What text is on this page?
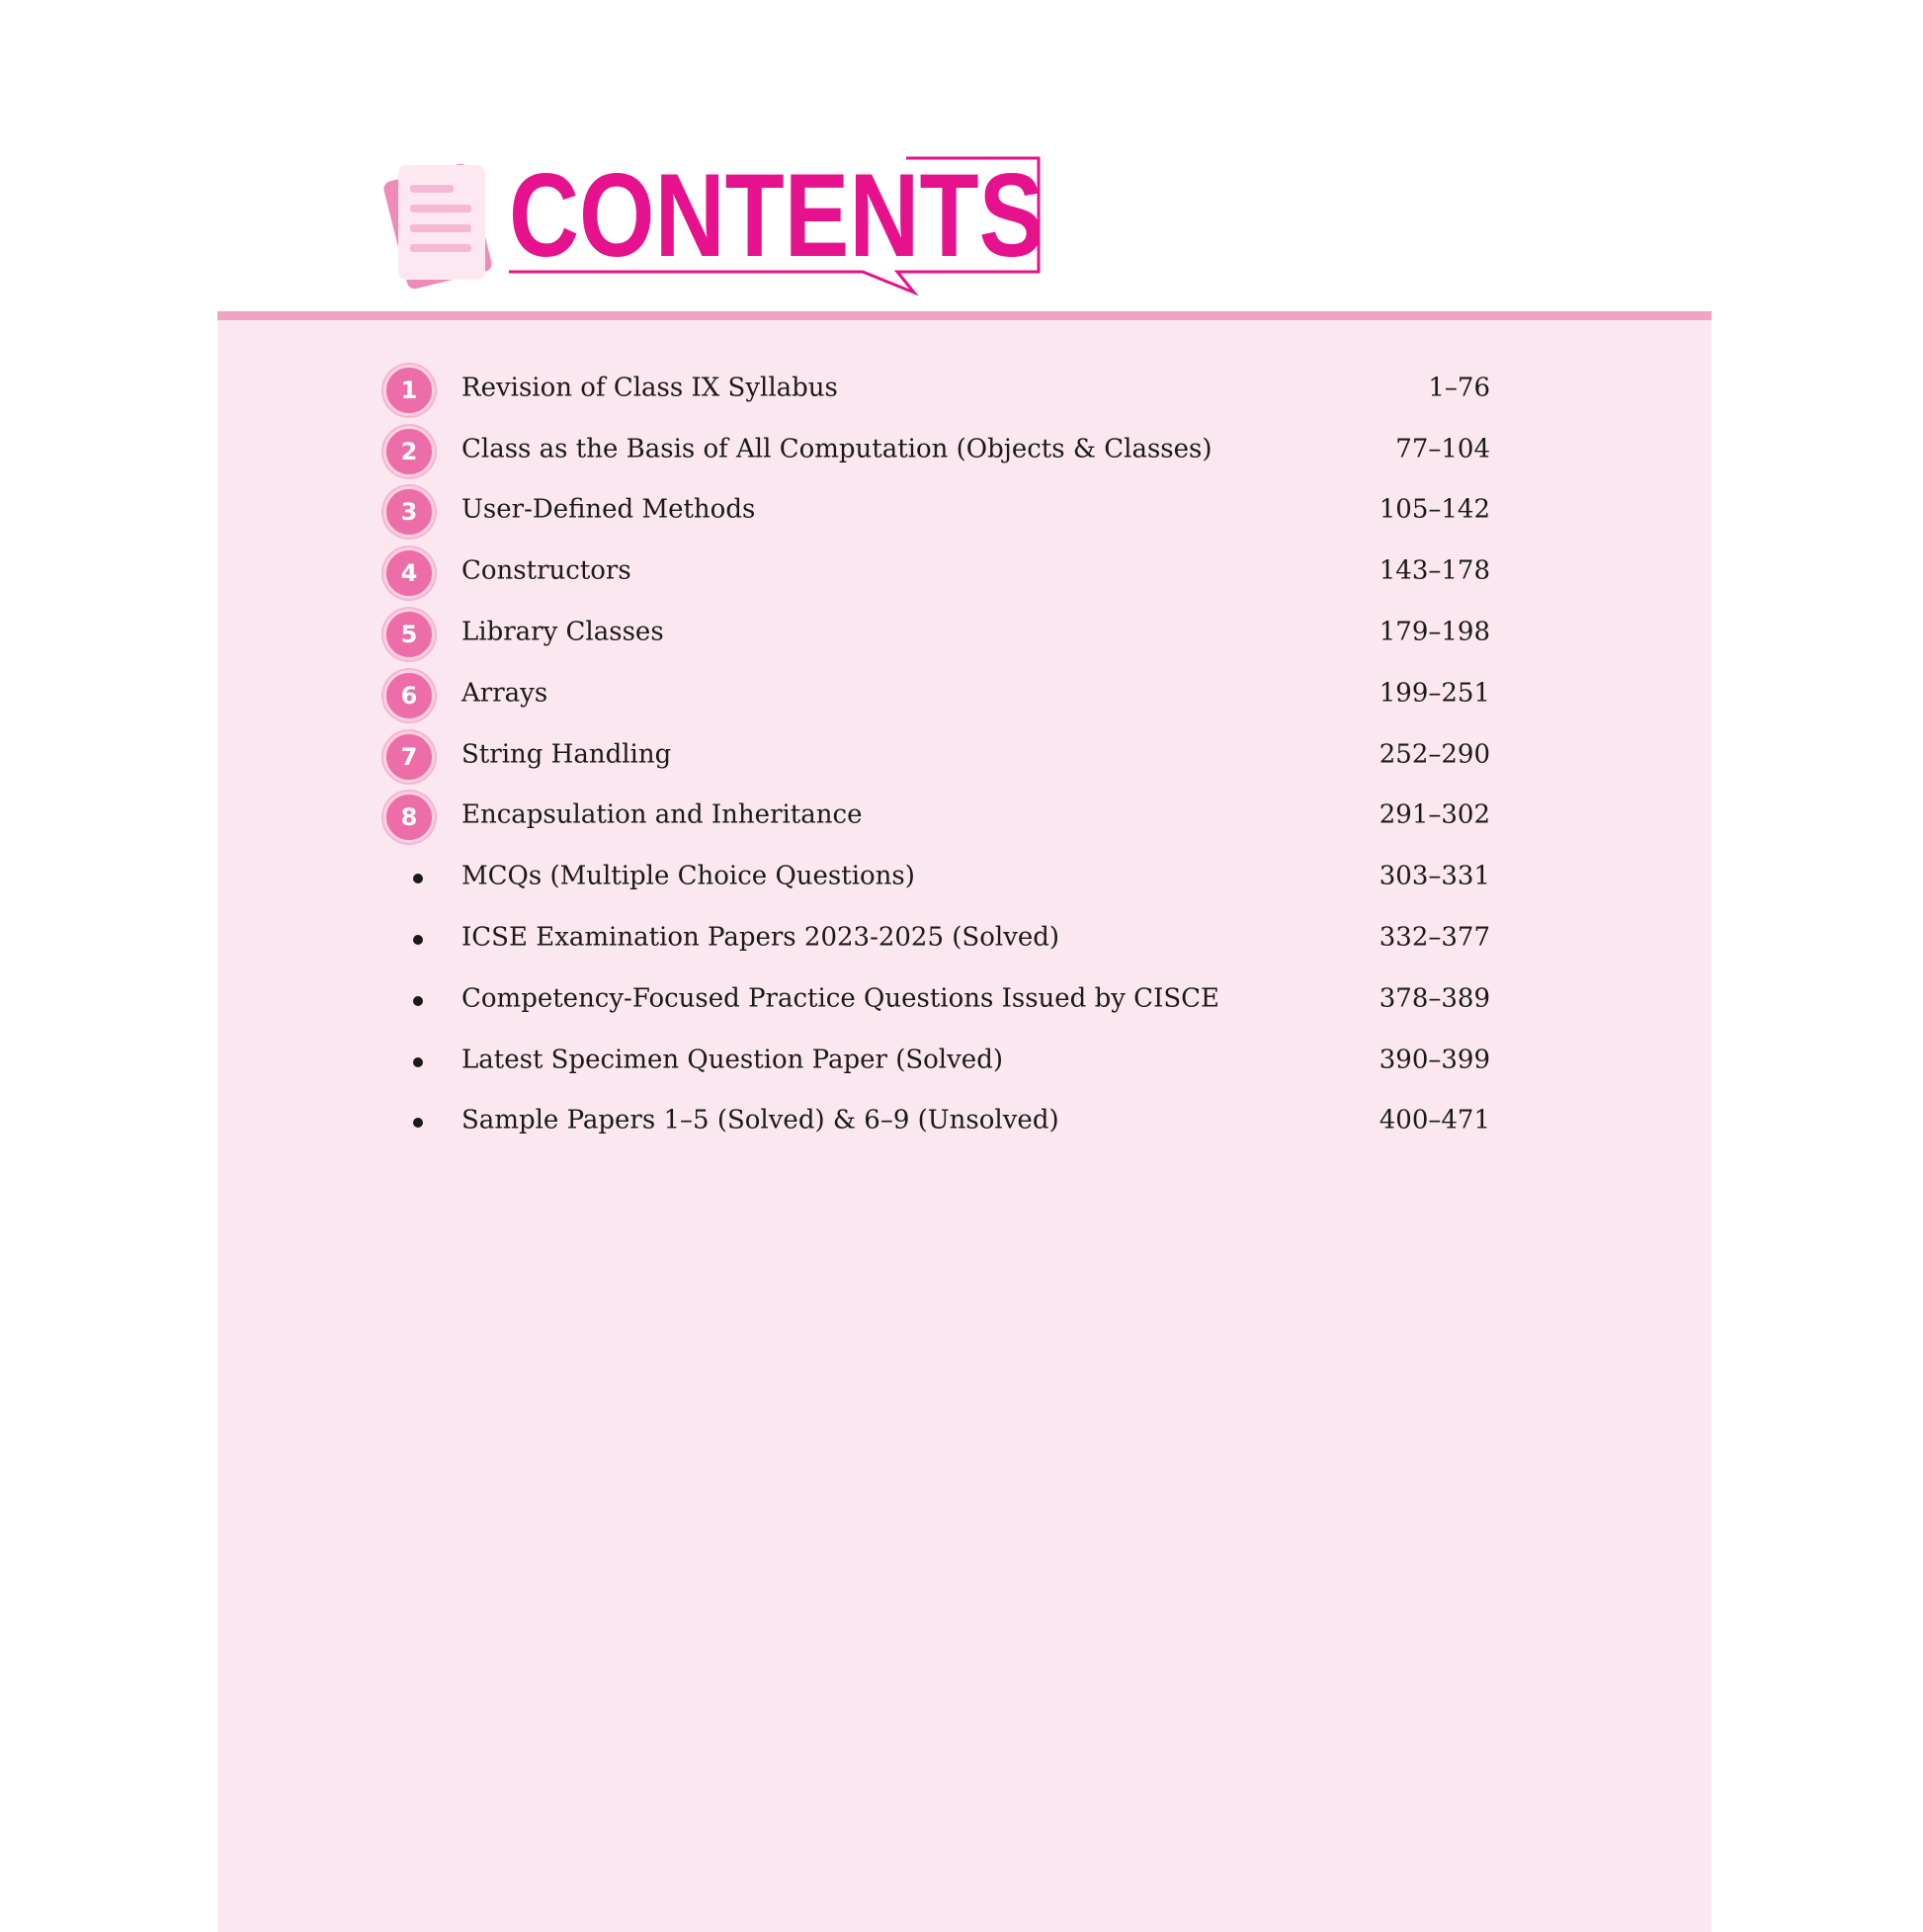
CONTENTS
1	Revision of Class IX Syllabus	1–76
2	Class as the Basis of All Computation (Objects & Classes)	77–104
3	User-Defined Methods	105–142
4	Constructors	143–178
5	Library Classes	179–198
6	Arrays	199–251
7	String Handling	252–290
8	Encapsulation and Inheritance	291–302
MCQs (Multiple Choice Questions)	303–331
ICSE Examination Papers 2023-2025 (Solved)	332–377
Competency-Focused Practice Questions Issued by CISCE	378–389
Latest Specimen Question Paper (Solved)	390–399
Sample Papers 1–5 (Solved) & 6–9 (Unsolved)	400–471
